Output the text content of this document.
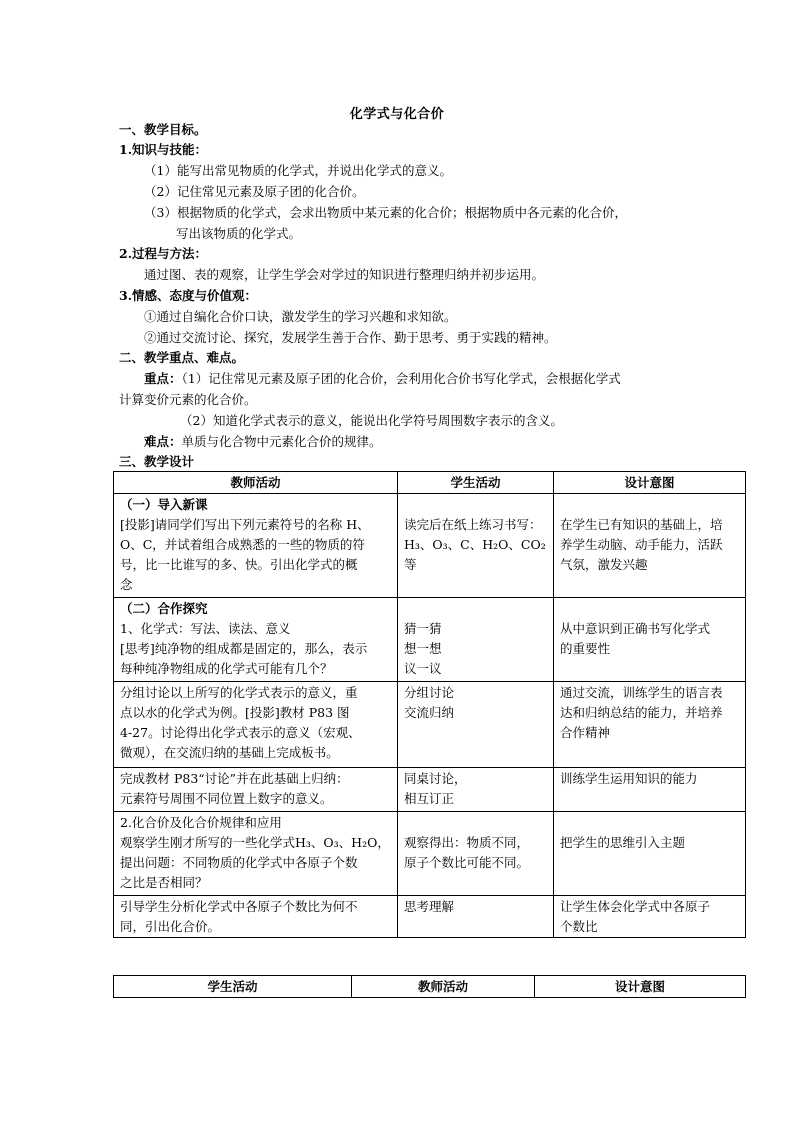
化学式与化合价
一、教学目标。
1.知识与技能：
（1）能写出常见物质的化学式，并说出化学式的意义。
（2）记住常见元素及原子团的化合价。
（3）根据物质的化学式，会求出物质中某元素的化合价；根据物质中各元素的化合价，
写出该物质的化学式。
2.过程与方法：
通过图、表的观察，让学生学会对学过的知识进行整理归纳并初步运用。
3.情感、态度与价值观：
①通过自编化合价口诀，激发学生的学习兴趣和求知欲。
②通过交流讨论、探究，发展学生善于合作、勤于思考、勇于实践的精神。
二、教学重点、难点。
重点：（1）记住常见元素及原子团的化合价，会利用化合价书写化学式，会根据化学式
计算变价元素的化合价。
（2）知道化学式表示的意义，能说出化学符号周围数字表示的含义。
难点：单质与化合物中元素化合价的规律。
三、教学设计
教师活动	学生活动	设计意图

（一）导入新课
[投影]请同学们写出下列元素符号的名称 H、
O、C，并试着组合成熟悉的一些的物质的符
号，比一比谁写的多、快。引出化学式的概
念	读完后在纸上练习书写：
H₃、O₃、C、H₂O、CO₂
等	在学生已有知识的基础上，培
养学生动脑、动手能力，活跃
气氛，激发兴趣

（二）合作探究
1、化学式：写法、读法、意义
[思考]纯净物的组成都是固定的，那么，表示
每种纯净物组成的化学式可能有几个？	猜一猜
想一想
议一议	从中意识到正确书写化学式
的重要性

分组讨论以上所写的化学式表示的意义，重
点以水的化学式为例。[投影]教材 P83 图
4-27。讨论得出化学式表示的意义（宏观、
微观），在交流归纳的基础上完成板书。	分组讨论
交流归纳	通过交流，训练学生的语言表
达和归纳总结的能力，并培养
合作精神

完成教材 P83“讨论”并在此基础上归纳：
元素符号周围不同位置上数字的意义。	同桌讨论，
相互订正	训练学生运用知识的能力

2.化合价及化合价规律和应用
观察学生刚才所写的一些化学式H₃、O₃、H₂O，
提出问题：不同物质的化学式中各原子个数
之比是否相同？	观察得出：物质不同，
原子个数比可能不同。	把学生的思维引入主题

引导学生分析化学式中各原子个数比为何不
同，引出化合价。	思考理解	让学生体会化学式中各原子
个数比
学生活动	教师活动	设计意图
